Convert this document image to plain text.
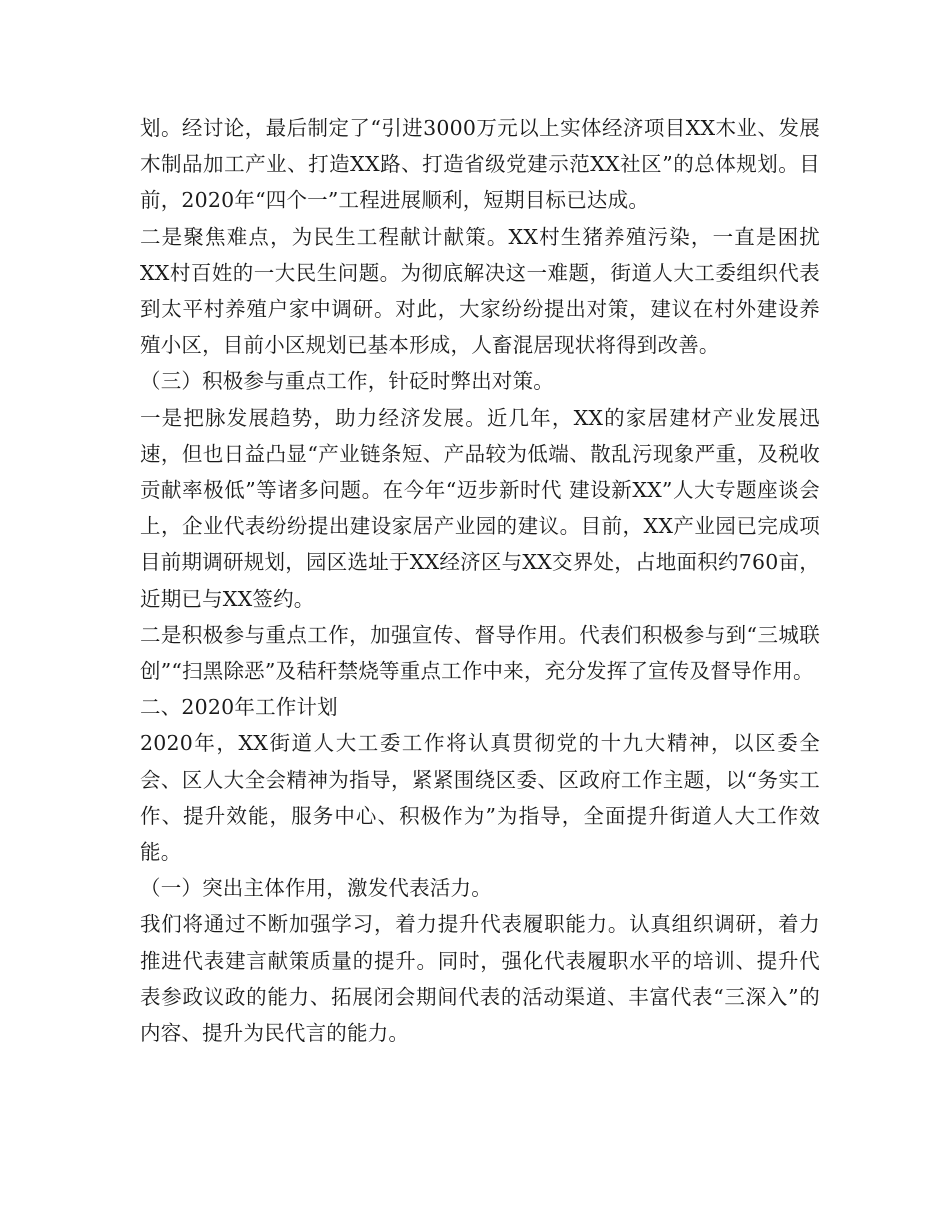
划。经讨论，最后制定了“引进3000万元以上实体经济项目XX木业、发展木制品加工产业、打造XX路、打造省级党建示范XX社区”的总体规划。目前，2020年“四个一”工程进展顺利，短期目标已达成。

二是聚焦难点，为民生工程献计献策。XX村生猪养殖污染，一直是困扰XX村百姓的一大民生问题。为彻底解决这一难题，街道人大工委组织代表到太平村养殖户家中调研。对此，大家纷纷提出对策，建议在村外建设养殖小区，目前小区规划已基本形成，人畜混居现状将得到改善。

（三）积极参与重点工作，针砭时弊出对策。

一是把脉发展趋势，助力经济发展。近几年，XX的家居建材产业发展迅速，但也日益凸显“产业链条短、产品较为低端、散乱污现象严重，及税收贡献率极低”等诸多问题。在今年“迈步新时代 建设新XX”人大专题座谈会上，企业代表纷纷提出建设家居产业园的建议。目前，XX产业园已完成项目前期调研规划，园区选址于XX经济区与XX交界处，占地面积约760亩，近期已与XX签约。

二是积极参与重点工作，加强宣传、督导作用。代表们积极参与到“三城联创”“扫黑除恶”及秸秆禁烧等重点工作中来，充分发挥了宣传及督导作用。

二、2020年工作计划

2020年，XX街道人大工委工作将认真贯彻党的十九大精神，以区委全会、区人大全会精神为指导，紧紧围绕区委、区政府工作主题，以“务实工作、提升效能，服务中心、积极作为”为指导，全面提升街道人大工作效能。

（一）突出主体作用，激发代表活力。

我们将通过不断加强学习，着力提升代表履职能力。认真组织调研，着力推进代表建言献策质量的提升。同时，强化代表履职水平的培训、提升代表参政议政的能力、拓展闭会期间代表的活动渠道、丰富代表“三深入”的内容、提升为民代言的能力。
